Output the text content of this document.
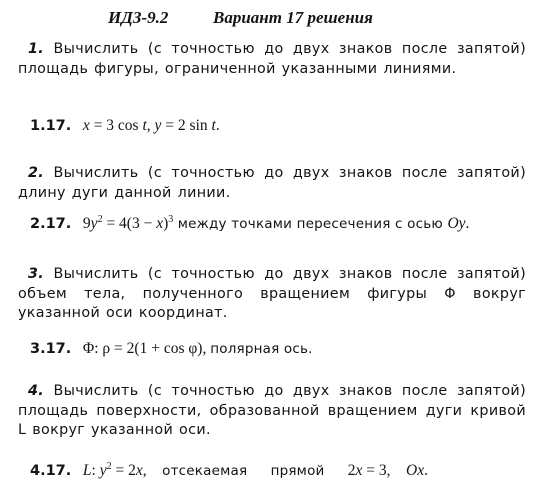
ИДЗ-9.2	Вариант 17 решения
1. Вычислить (с точностью до двух знаков после запятой) площадь фигуры, ограниченной указанными линиями.
1.17. x = 3 cos t, y = 2 sin t.
2. Вычислить (с точностью до двух знаков после запятой) длину дуги данной линии.
2.17. $9y^2 = 4(3 - x)^3$ между точками пересечения с осью Oy.
3. Вычислить (с точностью до двух знаков после запятой) объем тела, полученного вращением фигуры Φ вокруг указанной оси координат.
3.17. Φ: ρ = 2(1 + cos φ), полярная ось.
4. Вычислить (с точностью до двух знаков после запятой) площадь поверхности, образованной вращением дуги кривой L вокруг указанной оси.
4.17. L: $y^2 = 2x$, отсекаемая прямой 2x = 3, Ox.
